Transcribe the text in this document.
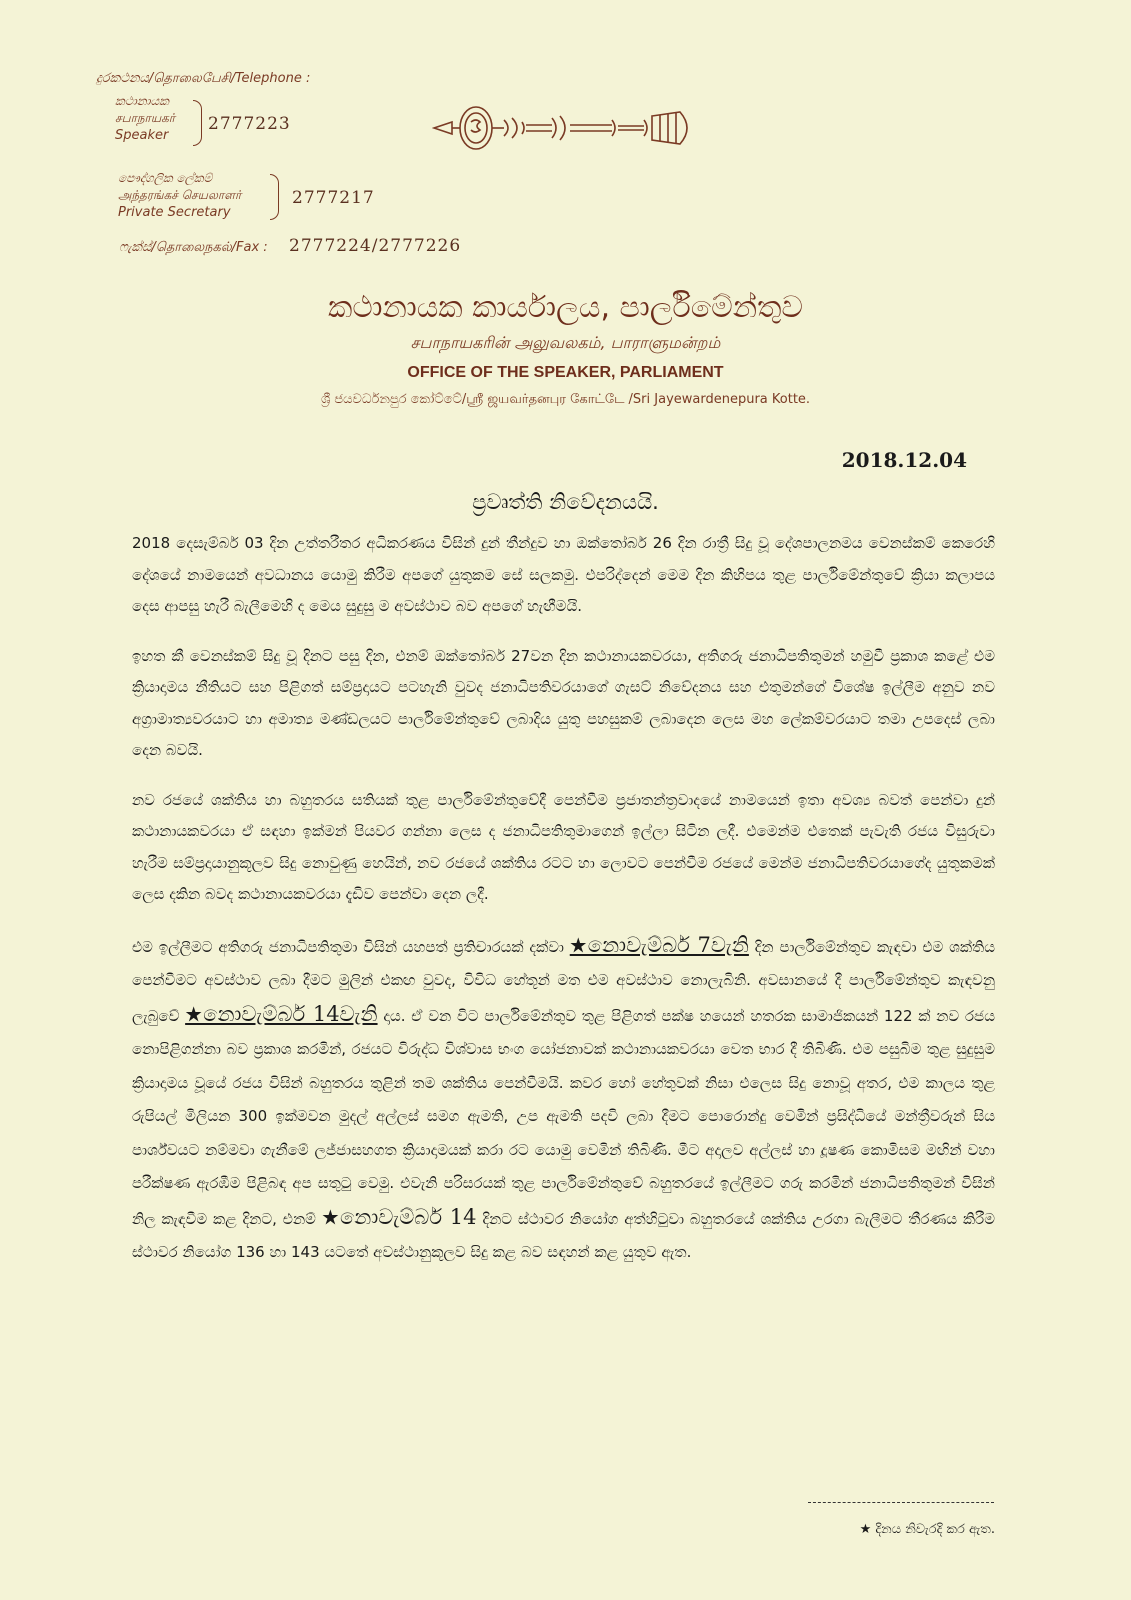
දුරකථනය/தொலைபேசி/Telephone :
කථානායක
சபாநாயகர்
Speaker
2777223
පෞද්ගලික ලේකම්
அந்தரங்கச் செயலாளர்
Private Secretary
2777217
ෆැක්ස්/தொலைநகல்/Fax : 2777224/2777226
කථානායක කාර්යාලය, පාර්ලිමේන්තුව
சபாநாயகரின் அலுவலகம், பாராளுமன்றம்
OFFICE OF THE SPEAKER, PARLIAMENT
ශ්‍රී ජයවර්ධනපුර කෝට්ටේ/ஸ்ரீ ஜயவர்தனபுர கோட்டே /Sri Jayewardenepura Kotte.
2018.12.04
ප්‍රවෘත්ති නිවේදනයයි.

2018 දෙසැම්බර් 03 දින උත්තරීතර අධිකරණය විසින් දුන් තීන්දුව හා ඔක්තෝබර් 26 දින රාත්‍රී සිදු වූ දේශපාලනමය වෙනස්කම් කෙරෙහි දේශයේ නාමයෙන් අවධානය යොමු කිරීම අපගේ යුතුකම සේ සලකමු. එපරිද්දෙන් මෙම දින කිහිපය තුළ පාර්ලිමේන්තුවේ ක්‍රියා කලාපය දෙස ආපසු හැරී බැලීමෙහි ද මෙය සුදුසු ම අවස්ථාව බව අපගේ හැඟීමයි.

ඉහත කී වෙනස්කම් සිදු වූ දිනට පසු දින, එනම් ඔක්තෝබර් 27වන දින කථානායකවරයා, අතිගරු ජනාධිපතිතුමන් හමුවී ප්‍රකාශ කළේ එම ක්‍රියාදාමය නීතියට සහ පිළිගත් සම්ප්‍රදායට පටහැනි වුවද ජනාධිපතිවරයාගේ ගැසට් නිවේදනය සහ එතුමන්ගේ විශේෂ ඉල්ලීම අනුව නව අග්‍රාමාත්‍යවරයාට හා අමාත්‍ය මණ්ඩලයට පාර්ලිමේන්තුවේ ලබාදිය යුතු පහසුකම් ලබාදෙන ලෙස මහ ලේකම්වරයාට තමා උපදෙස් ලබා දෙන බවයි.

නව රජයේ ශක්තිය හා බහුතරය සතියක් තුළ පාර්ලිමේන්තුවේදී පෙන්වීම ප්‍රජාතන්ත්‍රවාදයේ නාමයෙන් ඉතා අවශ්‍ය බවත් පෙන්වා දුන් කථානායකවරයා ඒ සඳහා ඉක්මන් පියවර ගන්නා ලෙස ද ජනාධිපතිතුමාගෙන් ඉල්ලා සිටින ලදී. එමෙන්ම එතෙක් පැවැති රජය විසුරුවා හැරීම සම්ප්‍රදායානුකූලව සිදු නොවුණු හෙයින්, නව රජයේ ශක්තිය රටට හා ලොවට පෙන්වීම රජයේ මෙන්ම ජනාධිපතිවරයාගේද යුතුකමක් ලෙස දකින බවද කථානායකවරයා දැඩිව පෙන්වා දෙන ලදී.

එම ඉල්ලීමට අතිගරු ජනාධිපතිතුමා විසින් යහපත් ප්‍රතිචාරයක් දක්වා ★නොවැම්බර් 7වැනි දින පාර්ලිමේන්තුව කැඳවා එම ශක්තිය පෙන්වීමට අවස්ථාව ලබා දීමට මුලින් එකඟ වුවද, විවිධ හේතූන් මත එම අවස්ථාව නොලැබිනි. අවසානයේ දී පාර්ලිමේන්තුව කැඳවනු ලැබුවේ ★නොවැම්බර් 14වැනි දාය. ඒ වන විට පාර්ලිමේන්තුව තුළ පිළිගත් පක්ෂ හයෙන් හතරක සාමාජිකයන් 122 ක් නව රජය නොපිළිගන්නා බව ප්‍රකාශ කරමින්, රජයට විරුද්ධ විශ්වාස භංග යෝජනාවක් කථානායකවරයා වෙත භාර දී තිබිණි. එම පසුබිම තුළ සුදුසුම ක්‍රියාදාමය වූයේ රජය විසින් බහුතරය තුළින් තම ශක්තිය පෙන්වීමයි. කවර හෝ හේතුවක් නිසා එලෙස සිදු නොවූ අතර, එම කාලය තුළ රුපියල් මිලියන 300 ඉක්මවන මුදල් අල්ලස් සමග ඇමති, උප ඇමති පදවි ලබා දීමට පොරොන්දු වෙමින් ප්‍රසිද්ධියේ මන්ත්‍රීවරුන් සිය පාර්ශ්වයට නම්මවා ගැනීමේ ලජ්ජාසහගත ක්‍රියාදාමයක් කරා රට යොමු වෙමින් තිබිණි. මීට අදාලව අල්ලස් හා දූෂණ කොමිසම මඟින් වහා පරීක්ෂණ ඇරඹීම පිළිබඳ අප සතුටු වෙමු. එවැනි පරිසරයක් තුළ පාර්ලිමේන්තුවේ බහුතරයේ ඉල්ලීමට ගරු කරමින් ජනාධිපතිතුමන් විසින් නිල කැඳවීම කළ දිනට, එනම් ★නොවැම්බර් 14 දිනට ස්ථාවර නියෝග අත්හිටුවා බහුතරයේ ශක්තිය උරගා බැලීමට තීරණය කිරීම ස්ථාවර නියෝග 136 හා 143 යටතේ අවස්ථානුකූලව සිදු කළ බව සඳහන් කළ යුතුව ඇත.

★ දිනය නිවැරදි කර ඇත.
